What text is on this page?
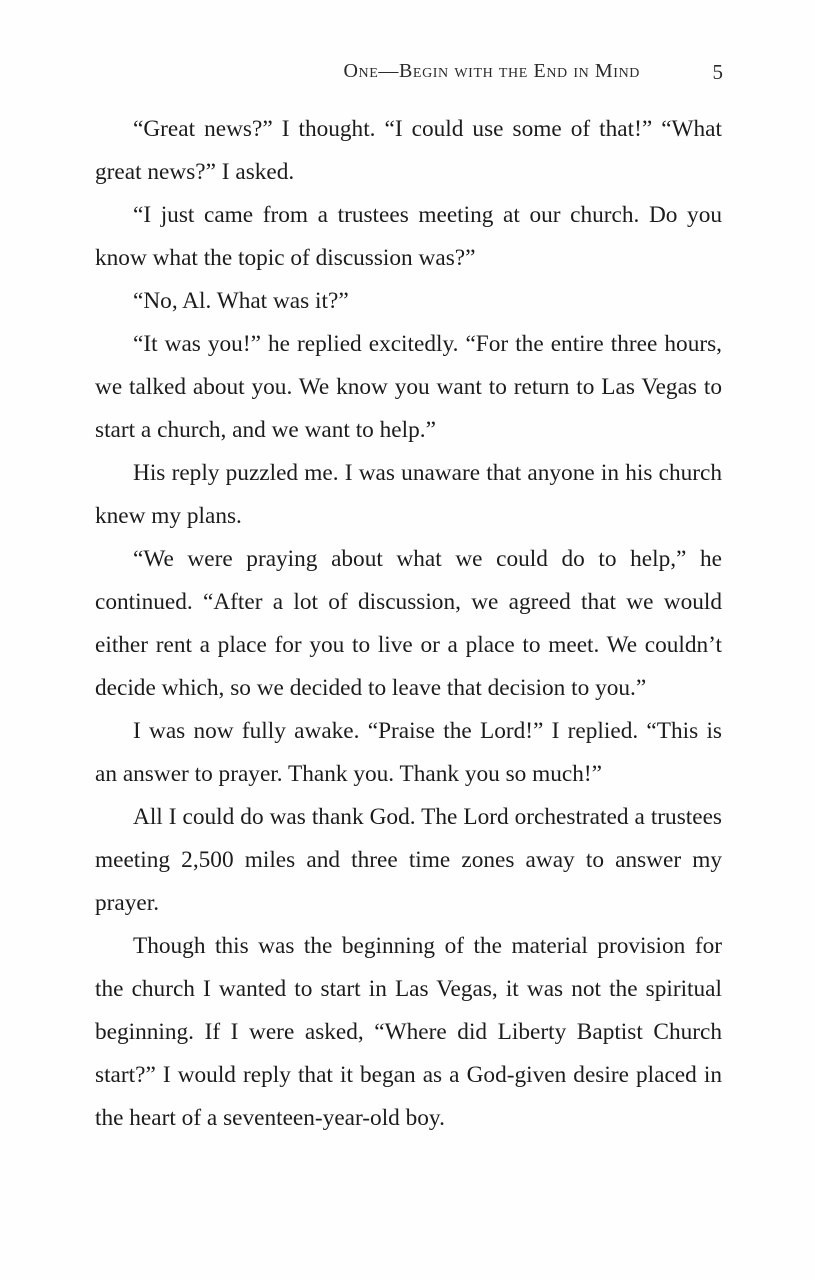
One—Begin with the End in Mind	5

“Great news?” I thought. “I could use some of that!” “What great news?” I asked.

“I just came from a trustees meeting at our church. Do you know what the topic of discussion was?”

“No, Al. What was it?”

“It was you!” he replied excitedly. “For the entire three hours, we talked about you. We know you want to return to Las Vegas to start a church, and we want to help.”

His reply puzzled me. I was unaware that anyone in his church knew my plans.

“We were praying about what we could do to help,” he continued. “After a lot of discussion, we agreed that we would either rent a place for you to live or a place to meet. We couldn’t decide which, so we decided to leave that decision to you.”

I was now fully awake. “Praise the Lord!” I replied. “This is an answer to prayer. Thank you. Thank you so much!”

All I could do was thank God. The Lord orchestrated a trustees meeting 2,500 miles and three time zones away to answer my prayer.

Though this was the beginning of the material provision for the church I wanted to start in Las Vegas, it was not the spiritual beginning. If I were asked, “Where did Liberty Baptist Church start?” I would reply that it began as a God-given desire placed in the heart of a seventeen-year-old boy.
